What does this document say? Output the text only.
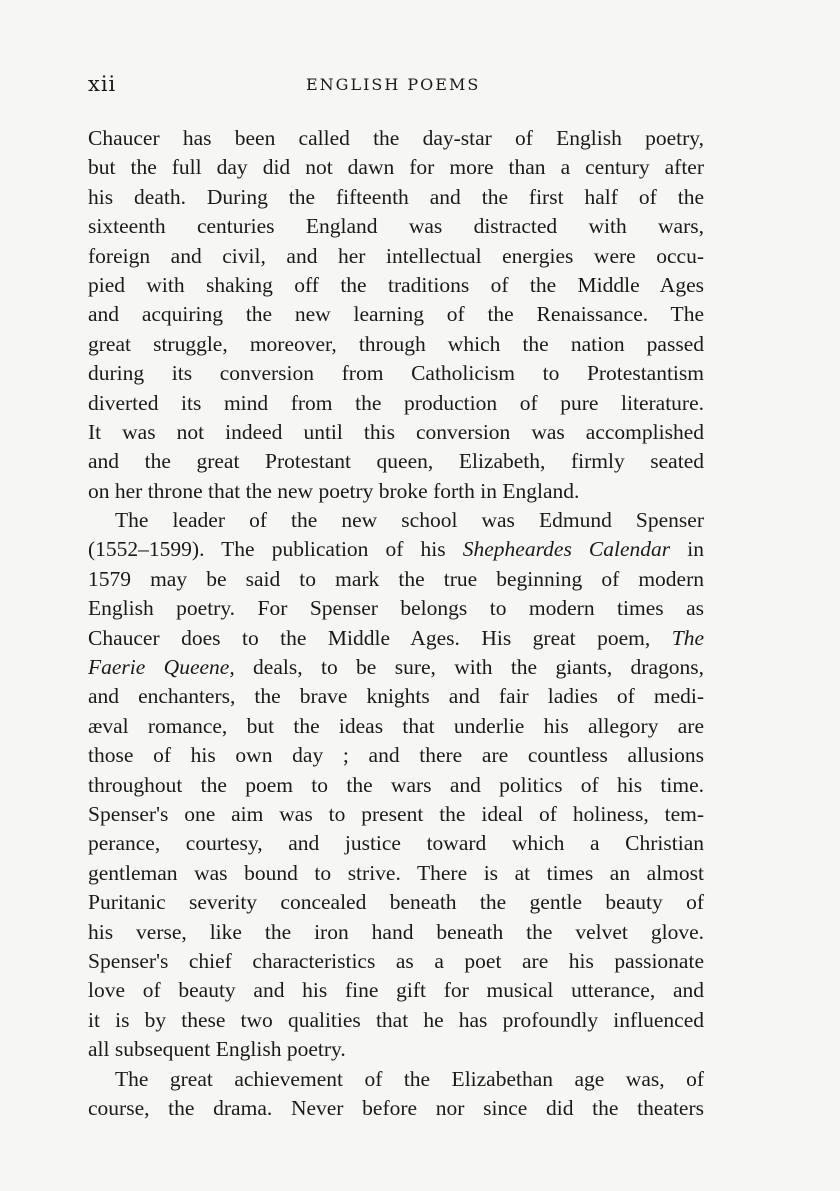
xii	ENGLISH POEMS
Chaucer has been called the day-star of English poetry,
but the full day did not dawn for more than a century after
his death. During the fifteenth and the first half of the
sixteenth centuries England was distracted with wars,
foreign and civil, and her intellectual energies were occu-
pied with shaking off the traditions of the Middle Ages
and acquiring the new learning of the Renaissance. The
great struggle, moreover, through which the nation passed
during its conversion from Catholicism to Protestantism
diverted its mind from the production of pure literature.
It was not indeed until this conversion was accomplished
and the great Protestant queen, Elizabeth, firmly seated
on her throne that the new poetry broke forth in England.
The leader of the new school was Edmund Spenser
(1552–1599). The publication of his Shepheardes Calendar in
1579 may be said to mark the true beginning of modern
English poetry. For Spenser belongs to modern times as
Chaucer does to the Middle Ages. His great poem, The
Faerie Queene, deals, to be sure, with the giants, dragons,
and enchanters, the brave knights and fair ladies of medi-
æval romance, but the ideas that underlie his allegory are
those of his own day ; and there are countless allusions
throughout the poem to the wars and politics of his time.
Spenser's one aim was to present the ideal of holiness, tem-
perance, courtesy, and justice toward which a Christian
gentleman was bound to strive. There is at times an almost
Puritanic severity concealed beneath the gentle beauty of
his verse, like the iron hand beneath the velvet glove.
Spenser's chief characteristics as a poet are his passionate
love of beauty and his fine gift for musical utterance, and
it is by these two qualities that he has profoundly influenced
all subsequent English poetry.
The great achievement of the Elizabethan age was, of
course, the drama. Never before nor since did the theaters
